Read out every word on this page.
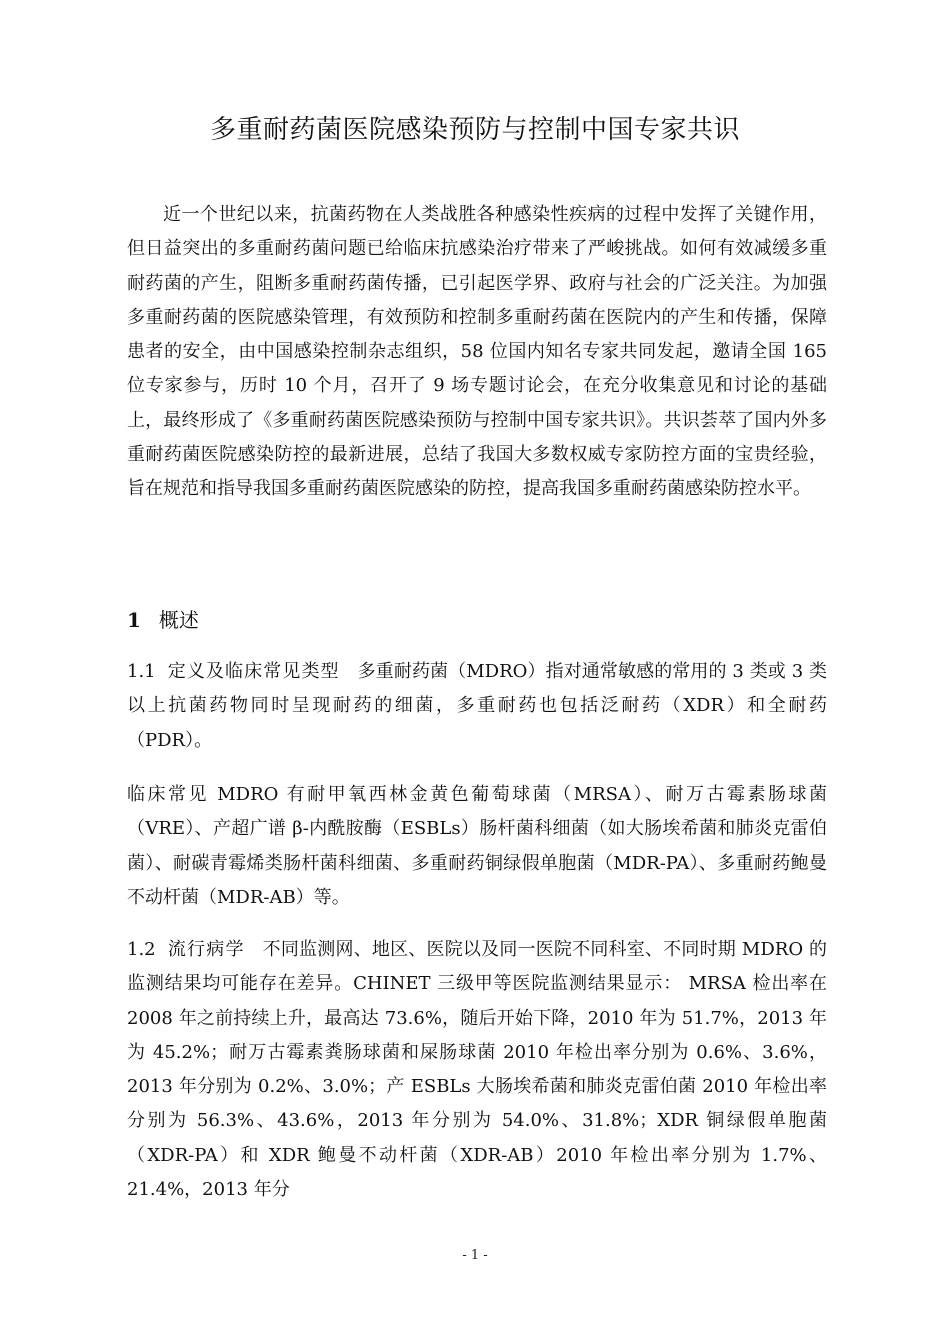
多重耐药菌医院感染预防与控制中国专家共识

近一个世纪以来，抗菌药物在人类战胜各种感染性疾病的过程中发挥了关键作用，但日益突出的多重耐药菌问题已给临床抗感染治疗带来了严峻挑战。如何有效减缓多重耐药菌的产生，阻断多重耐药菌传播，已引起医学界、政府与社会的广泛关注。为加强多重耐药菌的医院感染管理，有效预防和控制多重耐药菌在医院内的产生和传播，保障患者的安全，由中国感染控制杂志组织，58 位国内知名专家共同发起，邀请全国 165 位专家参与，历时 10 个月，召开了 9 场专题讨论会，在充分收集意见和讨论的基础上，最终形成了《多重耐药菌医院感染预防与控制中国专家共识》。共识荟萃了国内外多重耐药菌医院感染防控的最新进展，总结了我国大多数权威专家防控方面的宝贵经验，旨在规范和指导我国多重耐药菌医院感染的防控，提高我国多重耐药菌感染防控水平。

1 概述

1.1 定义及临床常见类型 多重耐药菌（MDRO）指对通常敏感的常用的 3 类或 3 类以上抗菌药物同时呈现耐药的细菌，多重耐药也包括泛耐药（XDR）和全耐药（PDR）。

临床常见 MDRO 有耐甲氧西林金黄色葡萄球菌（MRSA）、耐万古霉素肠球菌（VRE）、产超广谱 β-内酰胺酶（ESBLs）肠杆菌科细菌（如大肠埃希菌和肺炎克雷伯菌）、耐碳青霉烯类肠杆菌科细菌、多重耐药铜绿假单胞菌（MDR-PA）、多重耐药鲍曼不动杆菌（MDR-AB）等。

1.2 流行病学 不同监测网、地区、医院以及同一医院不同科室、不同时期 MDRO 的监测结果均可能存在差异。CHINET 三级甲等医院监测结果显示： MRSA 检出率在 2008 年之前持续上升，最高达 73.6%，随后开始下降，2010 年为 51.7%，2013 年为 45.2%；耐万古霉素粪肠球菌和屎肠球菌 2010 年检出率分别为 0.6%、3.6%，2013 年分别为 0.2%、3.0%；产 ESBLs 大肠埃希菌和肺炎克雷伯菌 2010 年检出率分别为 56.3%、43.6%，2013 年分别为 54.0%、31.8%；XDR 铜绿假单胞菌（XDR-PA）和 XDR 鲍曼不动杆菌（XDR-AB）2010 年检出率分别为 1.7%、21.4%，2013 年分

- 1 -
